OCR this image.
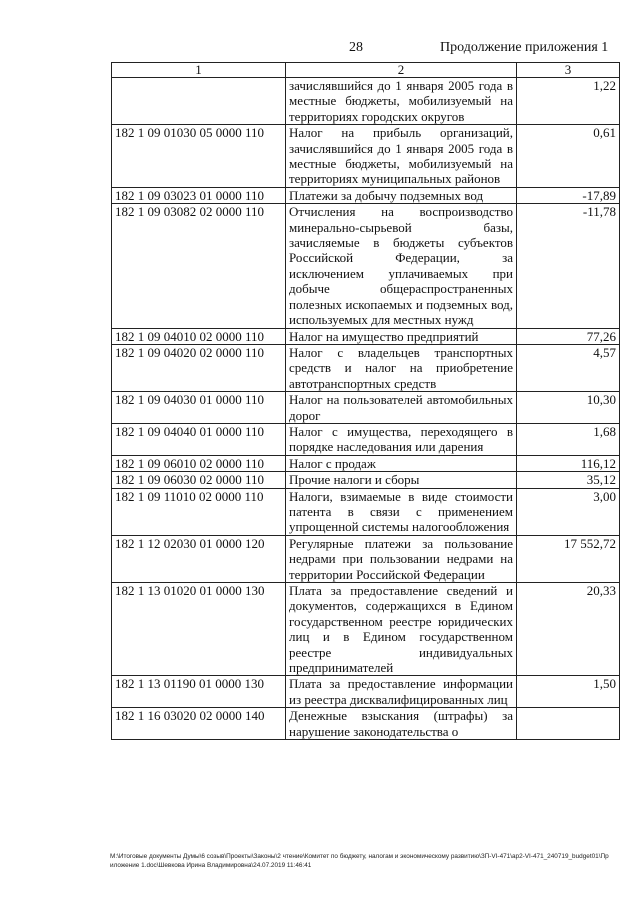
28	Продолжение приложения 1
1	2	3
	зачислявшийся до 1 января 2005 года в местные бюджеты, мобилизуемый на территориях городских округов	1,22
182 1 09 01030 05 0000 110	Налог на прибыль организаций, зачислявшийся до 1 января 2005 года в местные бюджеты, мобилизуемый на территориях муниципальных районов	0,61
182 1 09 03023 01 0000 110	Платежи за добычу подземных вод	-17,89
182 1 09 03082 02 0000 110	Отчисления на воспроизводство минерально-сырьевой базы, зачисляемые в бюджеты субъектов Российской Федерации, за исключением уплачиваемых при добыче общераспространенных полезных ископаемых и подземных вод, используемых для местных нужд	-11,78
182 1 09 04010 02 0000 110	Налог на имущество предприятий	77,26
182 1 09 04020 02 0000 110	Налог с владельцев транспортных средств и налог на приобретение автотранспортных средств	4,57
182 1 09 04030 01 0000 110	Налог на пользователей автомобильных дорог	10,30
182 1 09 04040 01 0000 110	Налог с имущества, переходящего в порядке наследования или дарения	1,68
182 1 09 06010 02 0000 110	Налог с продаж	116,12
182 1 09 06030 02 0000 110	Прочие налоги и сборы	35,12
182 1 09 11010 02 0000 110	Налоги, взимаемые в виде стоимости патента в связи с применением упрощенной системы налогообложения	3,00
182 1 12 02030 01 0000 120	Регулярные платежи за пользование недрами при пользовании недрами на территории Российской Федерации	17 552,72
182 1 13 01020 01 0000 130	Плата за предоставление сведений и документов, содержащихся в Едином государственном реестре юридических лиц и в Едином государственном реестре индивидуальных предпринимателей	20,33
182 1 13 01190 01 0000 130	Плата за предоставление информации из реестра дисквалифицированных лиц	1,50
182 1 16 03020 02 0000 140	Денежные взыскания (штрафы) за нарушение законодательства о	
M:\Итоговые документы Думы\6 созыв\Проекты\Законы\2 чтение\Комитет по бюджету, налогам и экономическому развитию\ЗП-VI-471\ар2-VI-471_240719_budget01\Приложение 1.doc\Шевкова Ирина Владимировна\24.07.2019 11:46:41
